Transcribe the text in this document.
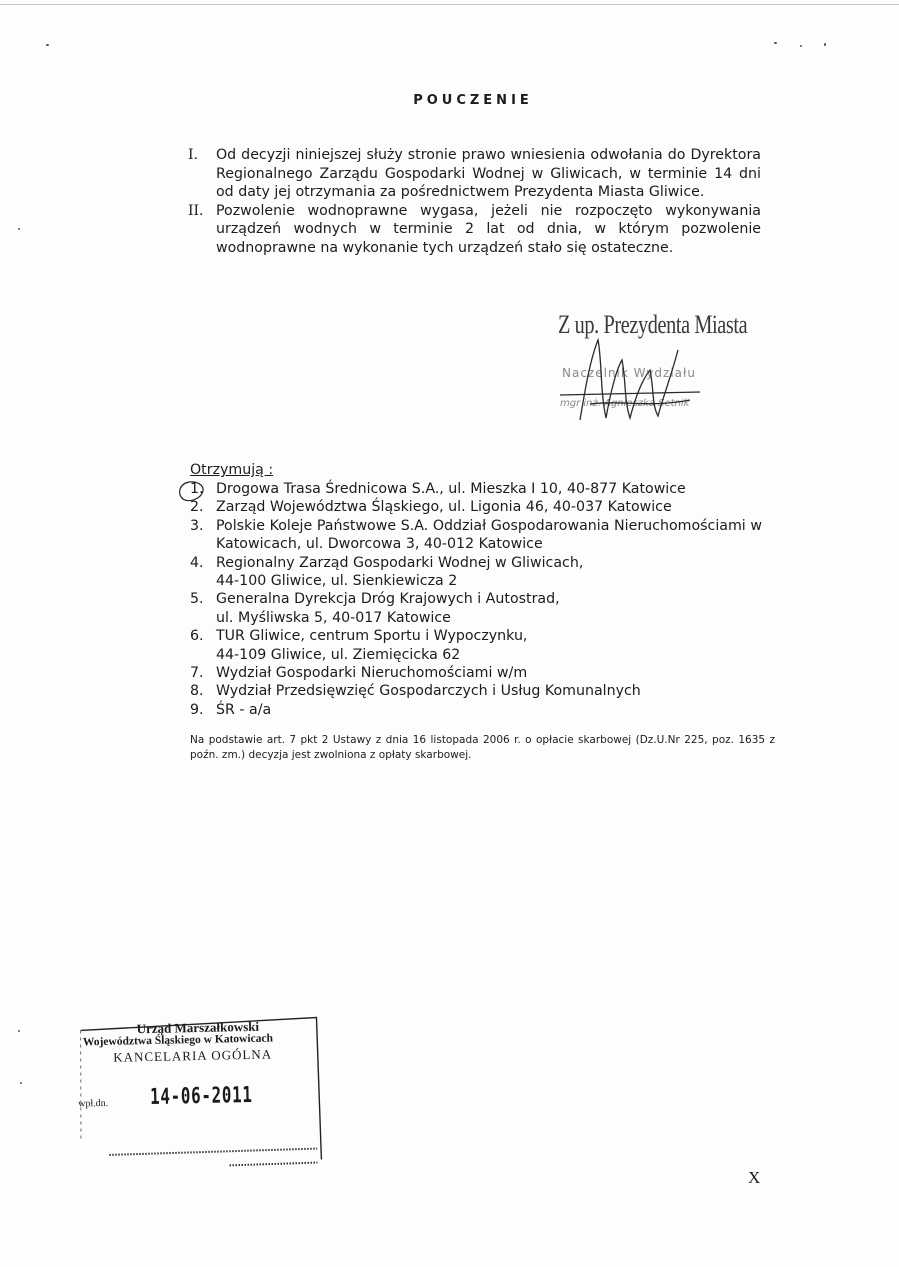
POUCZENIE
I. Od decyzji niniejszej służy stronie prawo wniesienia odwołania do Dyrektora Regionalnego Zarządu Gospodarki Wodnej w Gliwicach, w terminie 14 dni od daty jej otrzymania za pośrednictwem Prezydenta Miasta Gliwice.
II. Pozwolenie wodnoprawne wygasa, jeżeli nie rozpoczęto wykonywania urządzeń wodnych w terminie 2 lat od dnia, w którym pozwolenie wodnoprawne na wykonanie tych urządzeń stało się ostateczne.
Z up. Prezydenta Miasta
Naczelnik Wydziału
mgr inż. Agnieszka Setnik
Otrzymują :
1. Drogowa Trasa Średnicowa S.A., ul. Mieszka I 10, 40-877 Katowice
2. Zarząd Województwa Śląskiego, ul. Ligonia 46, 40-037 Katowice
3. Polskie Koleje Państwowe S.A. Oddział Gospodarowania Nieruchomościami w Katowicach, ul. Dworcowa 3, 40-012 Katowice
4. Regionalny Zarząd Gospodarki Wodnej w Gliwicach,
44-100 Gliwice, ul. Sienkiewicza 2
5. Generalna Dyrekcja Dróg Krajowych i Autostrad,
ul. Myśliwska 5, 40-017 Katowice
6. TUR Gliwice, centrum Sportu i Wypoczynku,
44-109 Gliwice, ul. Ziemięcicka 62
7. Wydział Gospodarki Nieruchomościami w/m
8. Wydział Przedsięwzięć Gospodarczych i Usług Komunalnych
9. ŚR - a/a
Na podstawie art. 7 pkt 2 Ustawy z dnia 16 listopada 2006 r. o opłacie skarbowej (Dz.U.Nr 225, poz. 1635 z poźn. zm.) decyzja jest zwolniona z opłaty skarbowej.
Urząd Marszałkowski
Województwa Śląskiego w Katowicach
KANCELARIA OGÓLNA
wpł.dn. 14-06-2011
X
